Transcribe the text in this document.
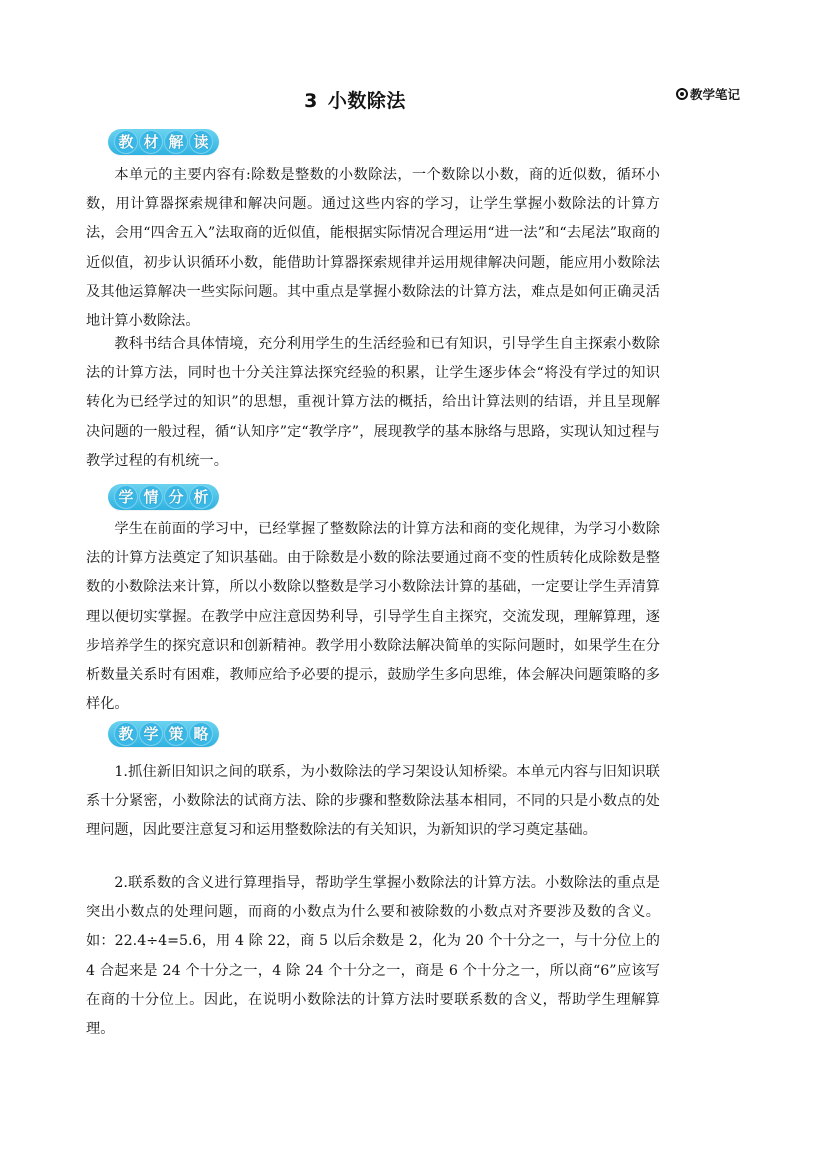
3 小数除法	教学笔记
教 材 解 读

本单元的主要内容有:除数是整数的小数除法，一个数除以小数，商的近似数，循环小数，用计算器探索规律和解决问题。通过这些内容的学习，让学生掌握小数除法的计算方法，会用“四舍五入”法取商的近似值，能根据实际情况合理运用“进一法”和“去尾法”取商的近似值，初步认识循环小数，能借助计算器探索规律并运用规律解决问题，能应用小数除法及其他运算解决一些实际问题。其中重点是掌握小数除法的计算方法，难点是如何正确灵活地计算小数除法。

教科书结合具体情境，充分利用学生的生活经验和已有知识，引导学生自主探索小数除法的计算方法，同时也十分关注算法探究经验的积累，让学生逐步体会“将没有学过的知识转化为已经学过的知识”的思想，重视计算方法的概括，给出计算法则的结语，并且呈现解决问题的一般过程，循“认知序”定“教学序”，展现教学的基本脉络与思路，实现认知过程与教学过程的有机统一。

学 情 分 析

学生在前面的学习中，已经掌握了整数除法的计算方法和商的变化规律，为学习小数除法的计算方法奠定了知识基础。由于除数是小数的除法要通过商不变的性质转化成除数是整数的小数除法来计算，所以小数除以整数是学习小数除法计算的基础，一定要让学生弄清算理以便切实掌握。在教学中应注意因势利导，引导学生自主探究，交流发现，理解算理，逐步培养学生的探究意识和创新精神。教学用小数除法解决简单的实际问题时，如果学生在分析数量关系时有困难，教师应给予必要的提示，鼓励学生多向思维，体会解决问题策略的多样化。

教 学 策 略

1.抓住新旧知识之间的联系，为小数除法的学习架设认知桥梁。本单元内容与旧知识联系十分紧密，小数除法的试商方法、除的步骤和整数除法基本相同，不同的只是小数点的处理问题，因此要注意复习和运用整数除法的有关知识，为新知识的学习奠定基础。

2.联系数的含义进行算理指导，帮助学生掌握小数除法的计算方法。小数除法的重点是突出小数点的处理问题，而商的小数点为什么要和被除数的小数点对齐要涉及数的含义。如：22.4÷4=5.6，用 4 除 22，商 5 以后余数是 2，化为 20 个十分之一，与十分位上的 4 合起来是 24 个十分之一，4 除 24 个十分之一，商是 6 个十分之一，所以商“6”应该写在商的十分位上。因此，在说明小数除法的计算方法时要联系数的含义，帮助学生理解算理。
